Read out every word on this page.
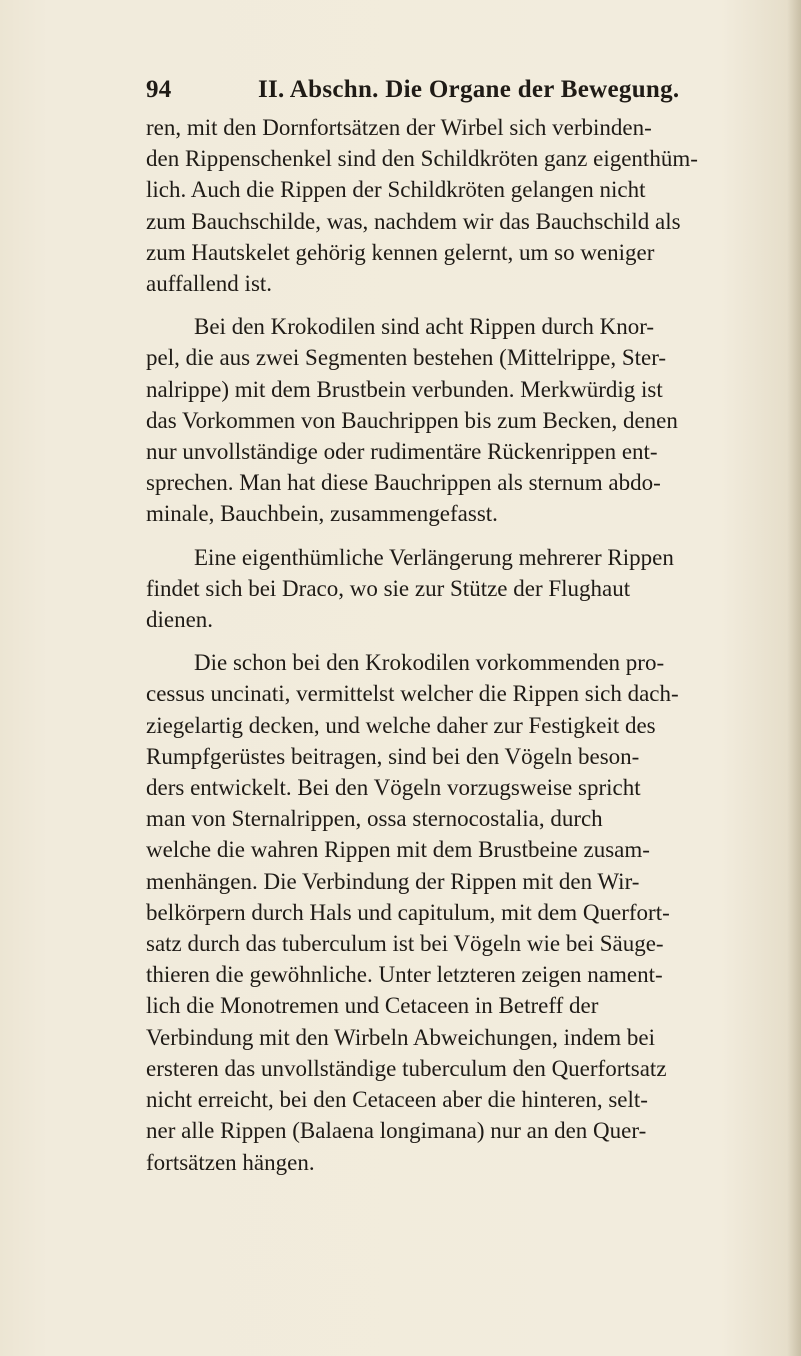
94	II. Abschn. Die Organe der Bewegung.

ren, mit den Dornfortsätzen der Wirbel sich verbinden-
den Rippenschenkel sind den Schildkröten ganz eigenthüm-
lich. Auch die Rippen der Schildkröten gelangen nicht
zum Bauchschilde, was, nachdem wir das Bauchschild als
zum Hautskelet gehörig kennen gelernt, um so weniger
auffallend ist.

Bei den Krokodilen sind acht Rippen durch Knor-
pel, die aus zwei Segmenten bestehen (Mittelrippe, Ster-
nalrippe) mit dem Brustbein verbunden. Merkwürdig ist
das Vorkommen von Bauchrippen bis zum Becken, denen
nur unvollständige oder rudimentäre Rückenrippen ent-
sprechen. Man hat diese Bauchrippen als sternum abdo-
minale, Bauchbein, zusammengefasst.

Eine eigenthümliche Verlängerung mehrerer Rippen
findet sich bei Draco, wo sie zur Stütze der Flughaut
dienen.

Die schon bei den Krokodilen vorkommenden pro-
cessus uncinati, vermittelst welcher die Rippen sich dach-
ziegelartig decken, und welche daher zur Festigkeit des
Rumpfgerüstes beitragen, sind bei den Vögeln beson-
ders entwickelt. Bei den Vögeln vorzugsweise spricht
man von Sternalrippen, ossa sternocostalia, durch
welche die wahren Rippen mit dem Brustbeine zusam-
menhängen. Die Verbindung der Rippen mit den Wir-
belkörpern durch Hals und capitulum, mit dem Querfort-
satz durch das tuberculum ist bei Vögeln wie bei Säuge-
thieren die gewöhnliche. Unter letzteren zeigen nament-
lich die Monotremen und Cetaceen in Betreff der
Verbindung mit den Wirbeln Abweichungen, indem bei
ersteren das unvollständige tuberculum den Querfortsatz
nicht erreicht, bei den Cetaceen aber die hinteren, selt-
ner alle Rippen (Balaena longimana) nur an den Quer-
fortsätzen hängen.
